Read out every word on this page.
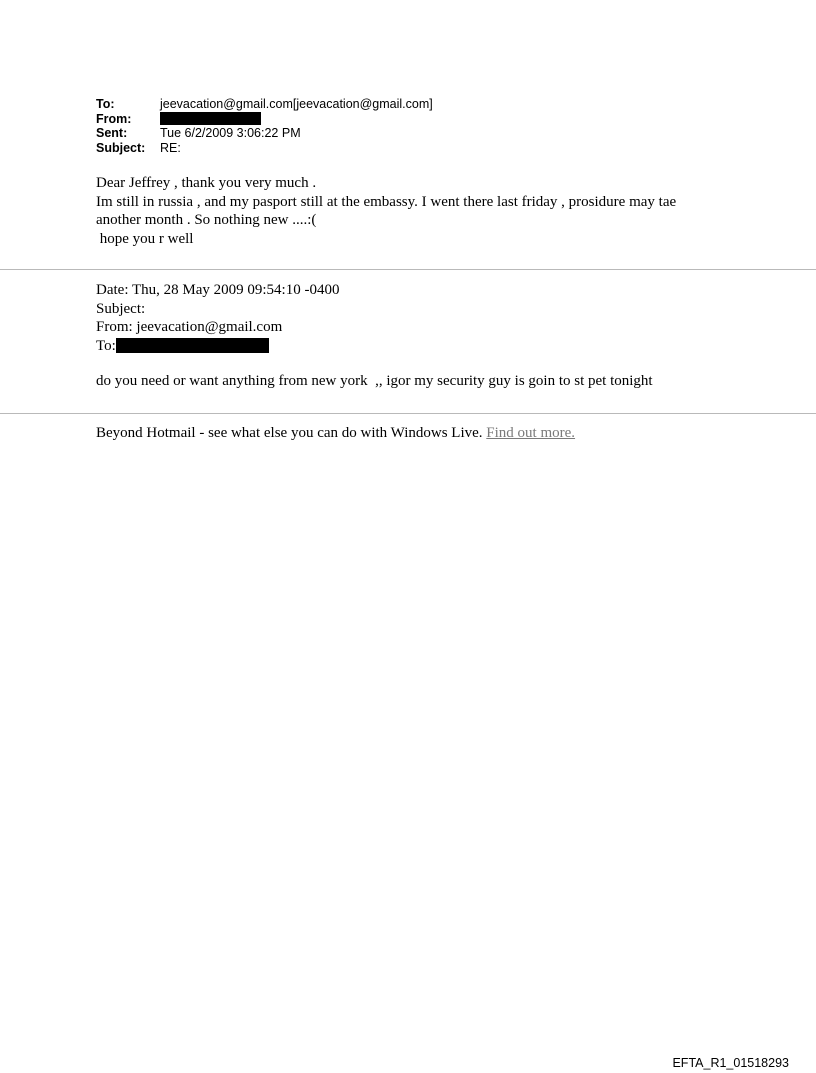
To:	jeevacation@gmail.com[jeevacation@gmail.com]
From:
Sent:	Tue 6/2/2009 3:06:22 PM
Subject:	RE:

Dear Jeffrey , thank you very much .

Im still in russia , and my pasport still at the embassy. I went there last friday , prosidure may tae

another month . So nothing new ....:(

hope you r well

Date: Thu, 28 May 2009 09:54:10 -0400

Subject:

From: jeevacation@gmail.com

To:

do you need or want anything from new york  ,, igor my security guy is goin to st pet tonight
Beyond Hotmail - see what else you can do with Windows Live. Find out more.
EFTA_R1_01518293
